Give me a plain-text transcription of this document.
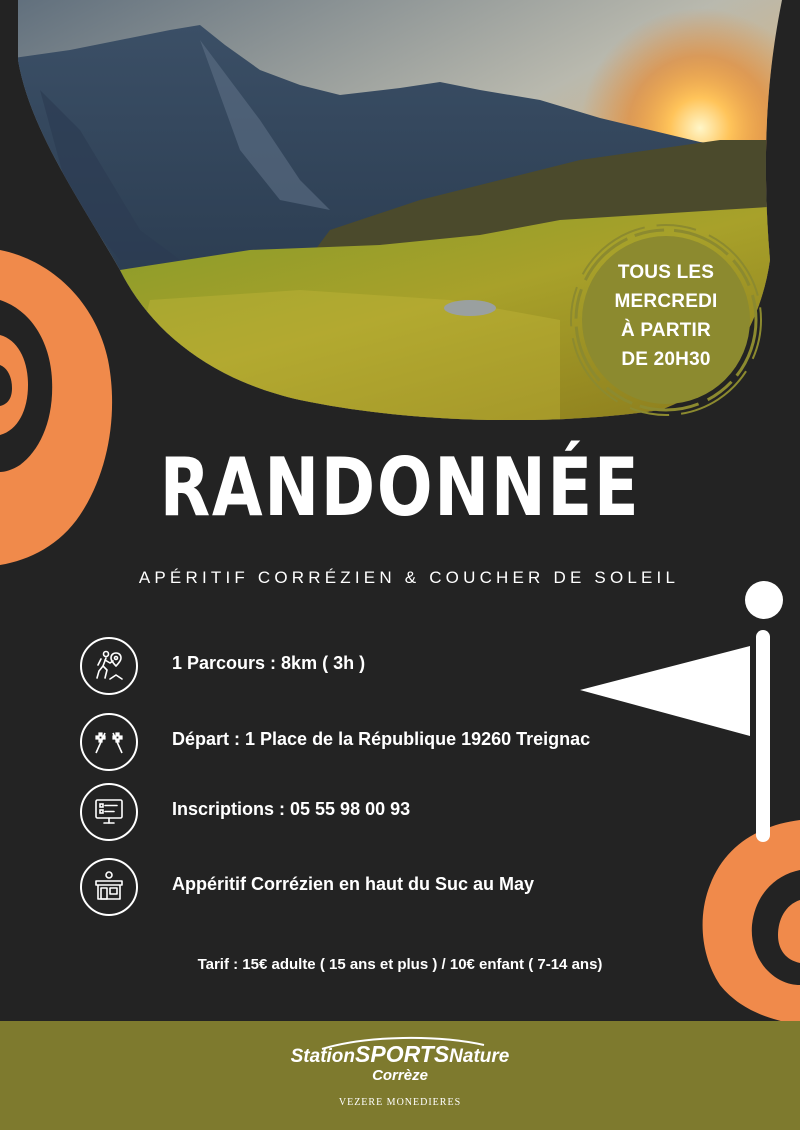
TOUS LES
MERCREDI
À PARTIR
DE 20H30
RANDONNÉE
APÉRITIF CORRÉZIEN & COUCHER DE SOLEIL
1 Parcours : 8km ( 3h )
Départ : 1 Place de la République 19260 Treignac
Inscriptions : 05 55 98 00 93
Appéritif Corrézien en haut du Suc au May
Tarif : 15€ adulte ( 15 ans et plus ) / 10€ enfant ( 7-14 ans)
StationSPORTSNature
Corrèze
VEZERE MONEDIERES
